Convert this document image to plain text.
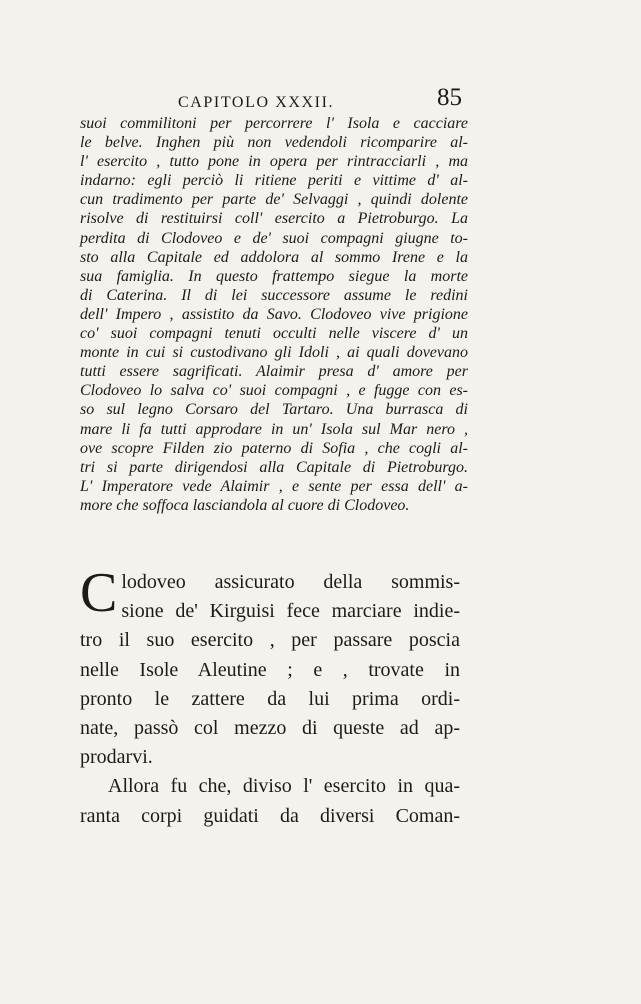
CAPITOLO XXXII.	85
suoi commilitoni per percorrere l' Isola e cacciare
le belve. Inghen più non vedendoli ricomparire al-
l' esercito , tutto pone in opera per rintracciarli , ma
indarno: egli perciò li ritiene periti e vittime d' al-
cun tradimento per parte de' Selvaggi , quindi dolente
risolve di restituirsi coll' esercito a Pietroburgo. La
perdita di Clodoveo e de' suoi compagni giugne to-
sto alla Capitale ed addolora al sommo Irene e la
sua famiglia. In questo frattempo siegue la morte
di Caterina. Il di lei successore assume le redini
dell' Impero , assistito da Savo. Clodoveo vive prigione
co' suoi compagni tenuti occulti nelle viscere d' un
monte in cui si custodivano gli Idoli , ai quali dovevano
tutti essere sagrificati. Alaimir presa d' amore per
Clodoveo lo salva co' suoi compagni , e fugge con es-
so sul legno Corsaro del Tartaro. Una burrasca di
mare li fa tutti approdare in un' Isola sul Mar nero ,
ove scopre Filden zio paterno di Sofia , che cogli al-
tri si parte dirigendosi alla Capitale di Pietroburgo.
L' Imperatore vede Alaimir , e sente per essa dell' a-
more che soffoca lasciandola al cuore di Clodoveo.
C lodoveo assicurato della sommis-
sione de' Kirguisi fece marciare indie-
tro il suo esercito , per passare poscia
nelle Isole Aleutine ; e , trovate in
pronto le zattere da lui prima ordi-
nate, passò col mezzo di queste ad ap-
prodarvi.
Allora fu che, diviso l' esercito in qua-
ranta corpi guidati da diversi Coman-
